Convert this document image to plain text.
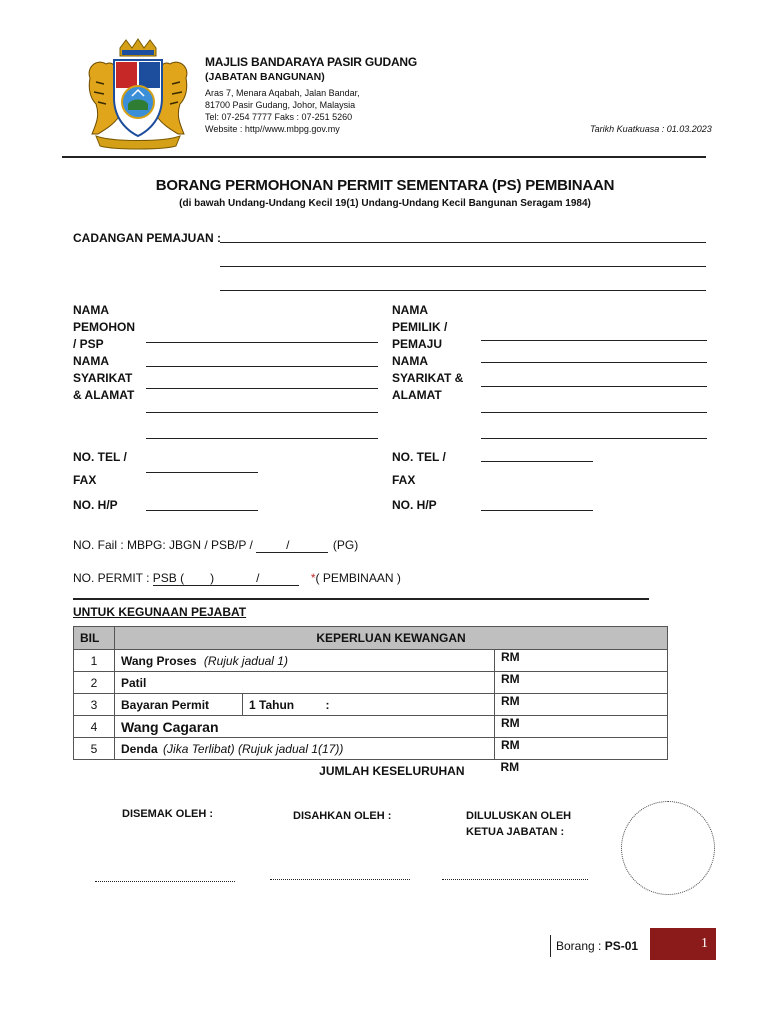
MAJLIS BANDARAYA PASIR GUDANG
(JABATAN BANGUNAN)
Aras 7, Menara Aqabah, Jalan Bandar,
81700 Pasir Gudang, Johor, Malaysia
Tel: 07-254 7777 Faks : 07-251 5260
Website : http//www.mbpg.gov.my	Tarikh Kuatkuasa : 01.03.2023
BORANG PERMOHONAN PERMIT SEMENTARA (PS) PEMBINAAN
(di bawah Undang-Undang Kecil 19(1) Undang-Undang Kecil Bangunan Seragam 1984)
CADANGAN PEMAJUAN :
NAMA
PEMOHON
/ PSP
NAMA
SYARIKAT
& ALAMAT
NAMA
PEMILIK /
PEMAJU
NAMA
SYARIKAT &
ALAMAT
NO. TEL /
FAX
NO. H/P
NO. TEL /
FAX
NO. H/P
NO. Fail : MBPG: JBGN / PSB/P /	/	(PG)
NO. PERMIT : PSB ( )	/	*( PEMBINAAN )
UNTUK KEGUNAAN PEJABAT
BIL	KEPERLUAN KEWANGAN		
1	Wang Proses (Rujuk jadual 1)		RM
2	Patil		RM
3	Bayaran Permit	1 Tahun :	RM
4	Wang Cagaran		RM
5	Denda (Jika Terlibat) (Rujuk jadual 1(17))		RM
	JUMLAH KESELURUHAN		RM
DISEMAK OLEH :	DISAHKAN OLEH :	DILULUSKAN OLEH
KETUA JABATAN :
Borang : PS-01	1
